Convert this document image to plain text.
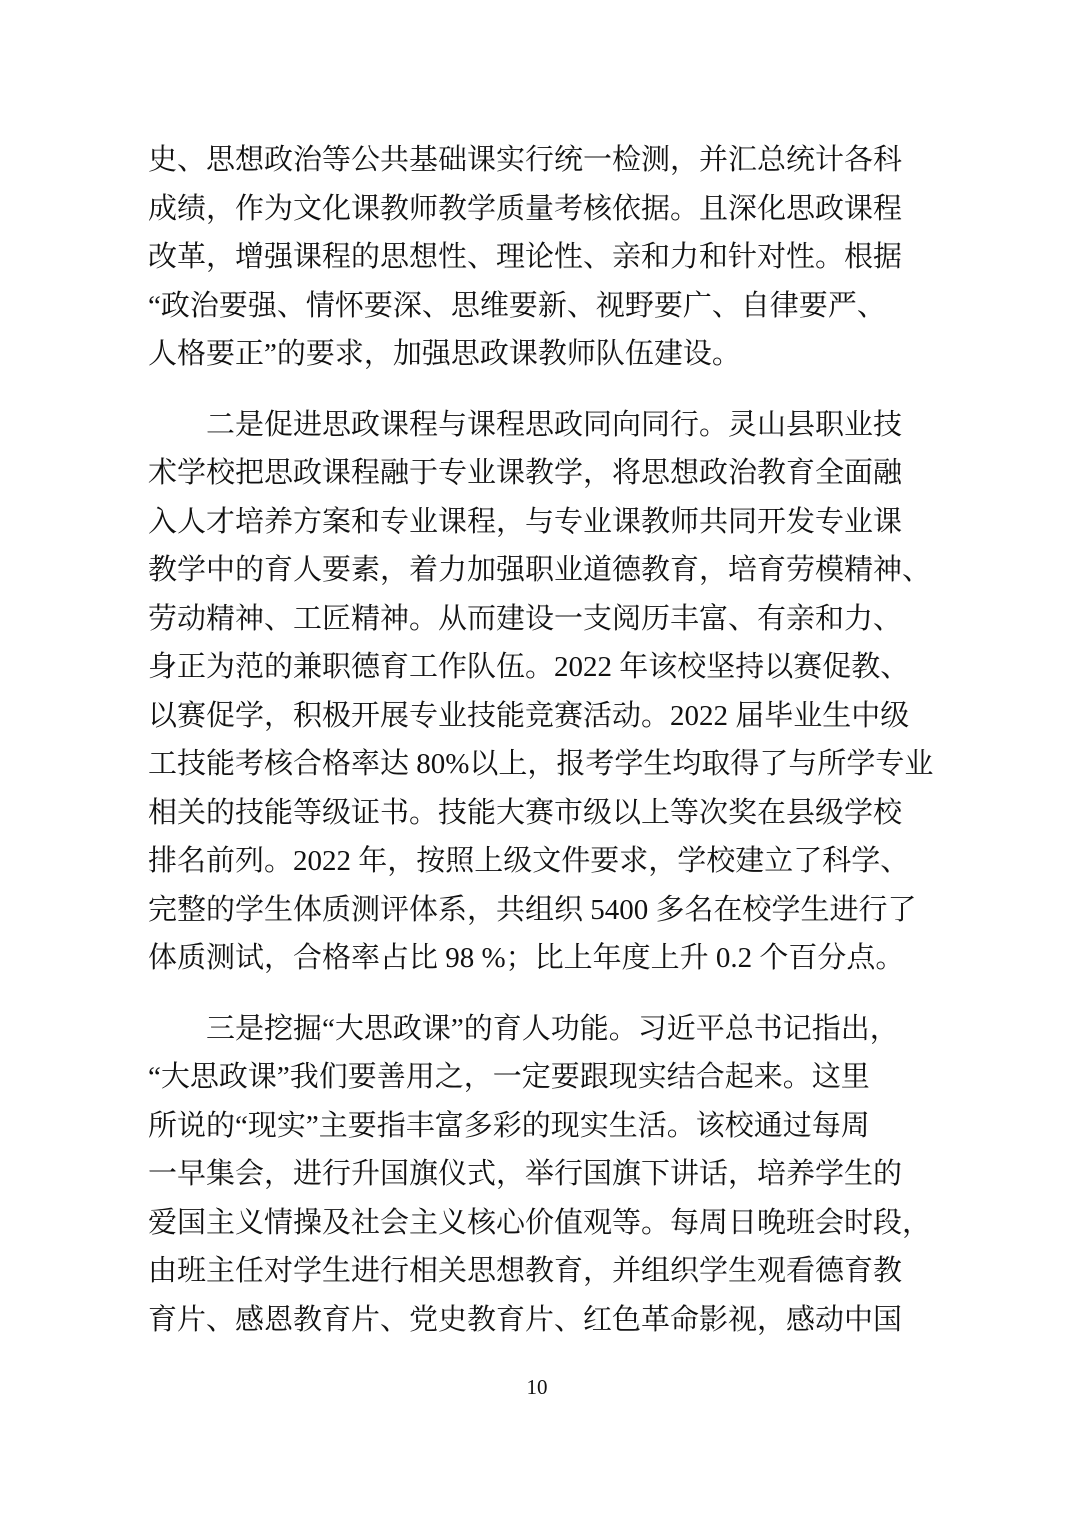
史、思想政治等公共基础课实行统一检测，并汇总统计各科
成绩，作为文化课教师教学质量考核依据。且深化思政课程
改革，增强课程的思想性、理论性、亲和力和针对性。根据
“政治要强、情怀要深、思维要新、视野要广、自律要严、
人格要正”的要求，加强思政课教师队伍建设。
二是促进思政课程与课程思政同向同行。灵山县职业技
术学校把思政课程融于专业课教学，将思想政治教育全面融
入人才培养方案和专业课程，与专业课教师共同开发专业课
教学中的育人要素，着力加强职业道德教育，培育劳模精神、
劳动精神、工匠精神。从而建设一支阅历丰富、有亲和力、
身正为范的兼职德育工作队伍。2022 年该校坚持以赛促教、
以赛促学，积极开展专业技能竞赛活动。2022 届毕业生中级
工技能考核合格率达 80%以上，报考学生均取得了与所学专业
相关的技能等级证书。技能大赛市级以上等次奖在县级学校
排名前列。2022 年，按照上级文件要求，学校建立了科学、
完整的学生体质测评体系，共组织 5400 多名在校学生进行了
体质测试，合格率占比 98 %；比上年度上升 0.2 个百分点。
三是挖掘“大思政课”的育人功能。习近平总书记指出，
“大思政课”我们要善用之，一定要跟现实结合起来。这里
所说的“现实”主要指丰富多彩的现实生活。该校通过每周
一早集会，进行升国旗仪式，举行国旗下讲话，培养学生的
爱国主义情操及社会主义核心价值观等。每周日晚班会时段，
由班主任对学生进行相关思想教育，并组织学生观看德育教
育片、感恩教育片、党史教育片、红色革命影视，感动中国
10
